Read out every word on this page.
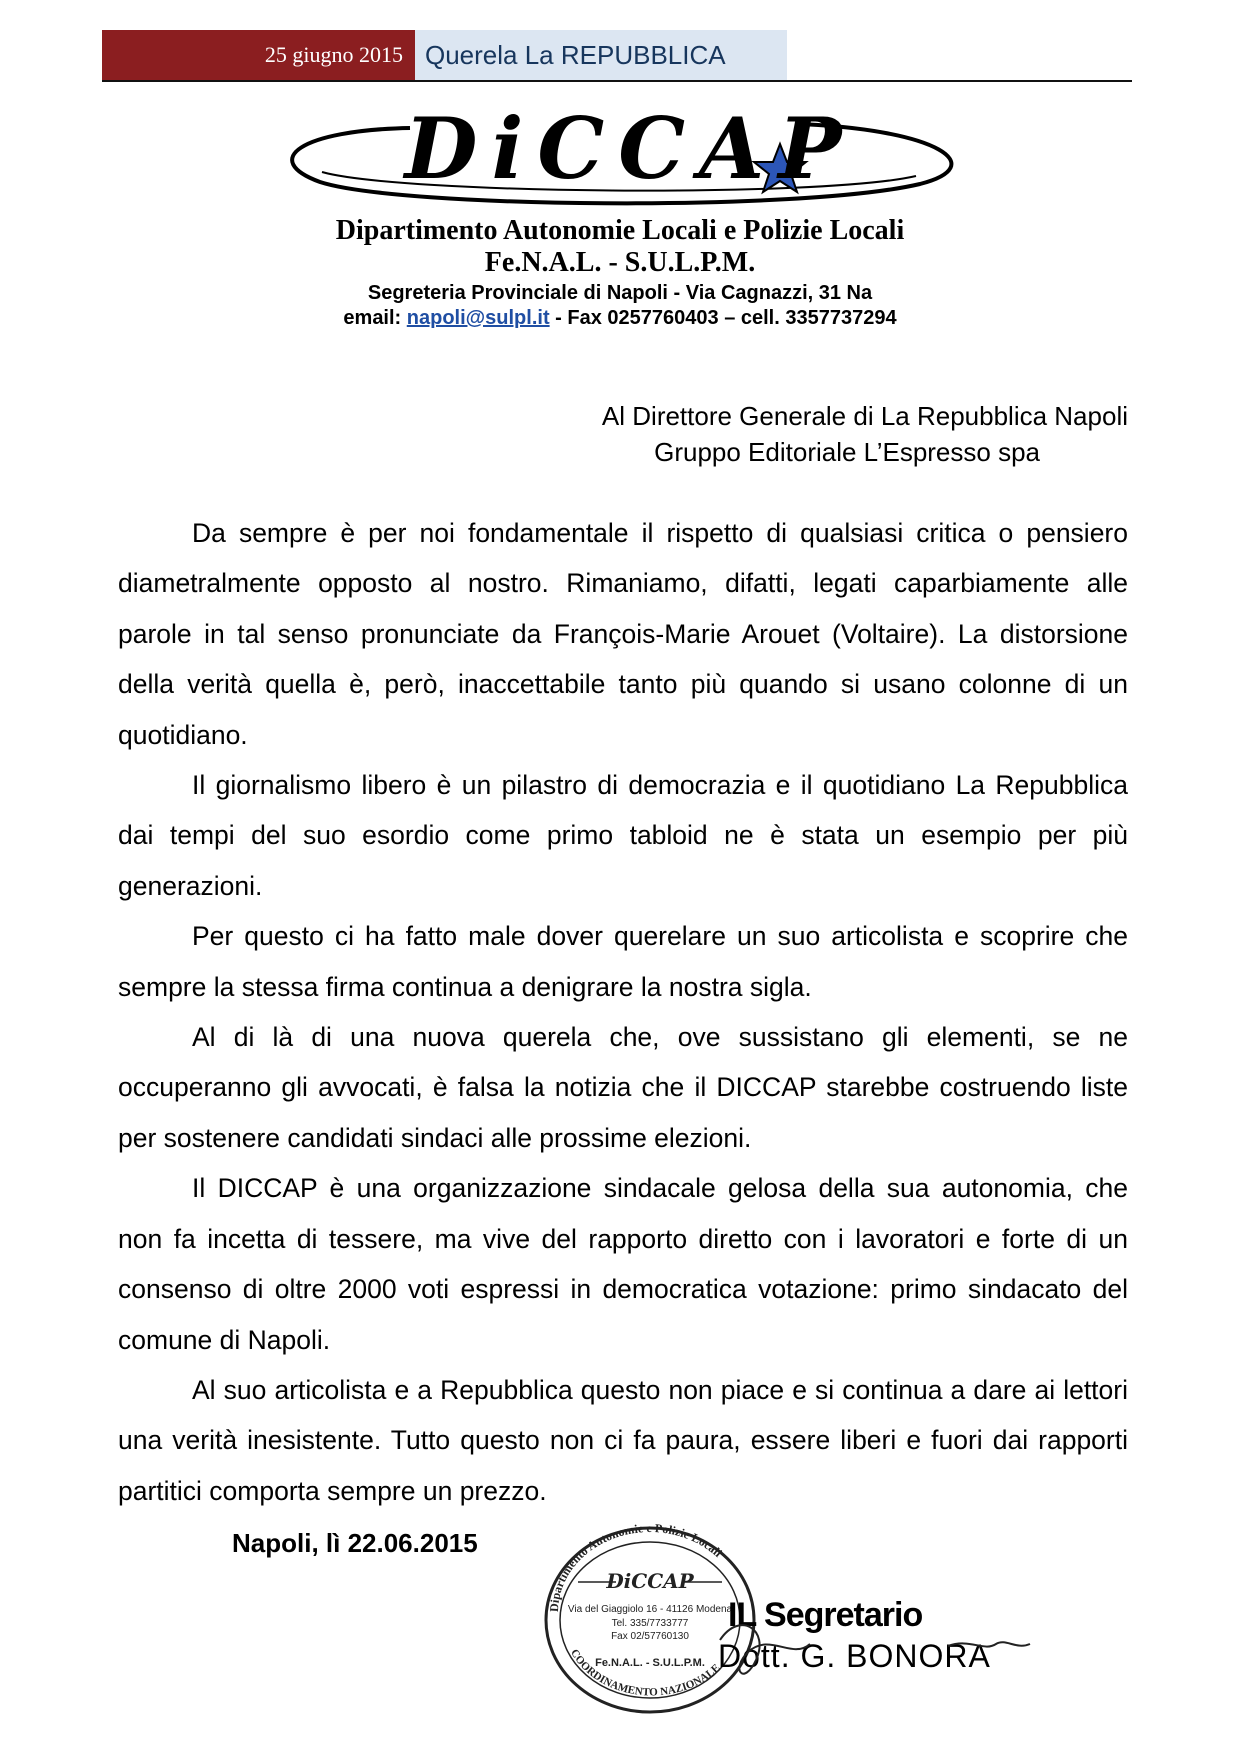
25 giugno 2015 Querela La REPUBBLICA
DiCCAP
Dipartimento Autonomie Locali e Polizie Locali
Fe.N.A.L. - S.U.L.P.M.
Segreteria Provinciale di Napoli - Via Cagnazzi, 31 Na
email: napoli@sulpl.it - Fax 0257760403 – cell. 3357737294
Al Direttore Generale di La Repubblica Napoli
Gruppo Editoriale L’Espresso spa

Da sempre è per noi fondamentale il rispetto di qualsiasi critica o pensiero diametralmente opposto al nostro. Rimaniamo, difatti, legati caparbiamente alle parole in tal senso pronunciate da François-Marie Arouet (Voltaire). La distorsione della verità quella è, però, inaccettabile tanto più quando si usano colonne di un quotidiano.

Il giornalismo libero è un pilastro di democrazia e il quotidiano La Repubblica dai tempi del suo esordio come primo tabloid ne è stata un esempio per più generazioni.

Per questo ci ha fatto male dover querelare un suo articolista e scoprire che sempre la stessa firma continua a denigrare la nostra sigla.

Al di là di una nuova querela che, ove sussistano gli elementi, se ne occuperanno gli avvocati, è falsa la notizia che il DICCAP starebbe costruendo liste per sostenere candidati sindaci alle prossime elezioni.

Il DICCAP è una organizzazione sindacale gelosa della sua autonomia, che non fa incetta di tessere, ma vive del rapporto diretto con i lavoratori e forte di un consenso di oltre 2000 voti espressi in democratica votazione: primo sindacato del comune di Napoli.

Al suo articolista e a Repubblica questo non piace e si continua a dare ai lettori una verità inesistente. Tutto questo non ci fa paura, essere liberi e fuori dai rapporti partitici comporta sempre un prezzo.

Napoli, lì 22.06.2015
Dipartimento Autonomie e Polizie Locali
DiCCAP
Via del Giaggiolo 16 - 41126 Modena
Tel. 335/7733777
Fax 02/57760130
Fe.N.A.L. - S.U.L.P.M.
COORDINAMENTO NAZIONALE
IL Segretario
Dott. G. BONORA
